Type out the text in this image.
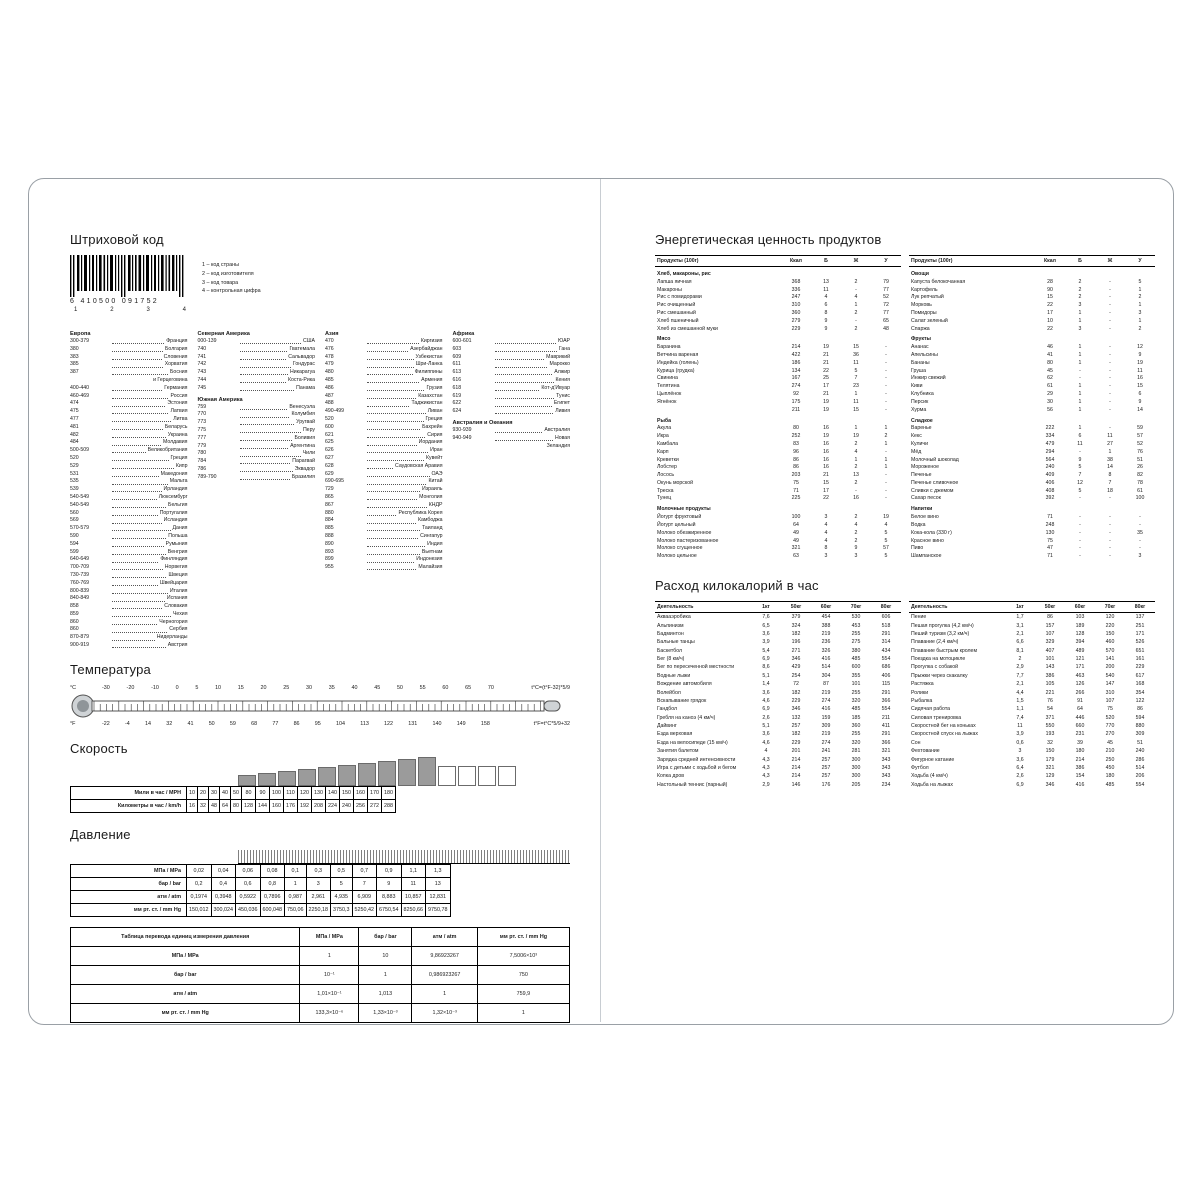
Штриховой код
6 410500 091752
1	2	3	4
1 – код страны
2 – код изготовителя
3 – код товара
4 – контрольная цифра
Европа
300-379	Франция
380	Болгария
383	Словения
385	Хорватия
387	Босния
и Герцеговина
400-440	Германия
460-469	Россия
474	Эстония
475	Латвия
477	Литва
481	Беларусь
482	Украина
484	Молдавия
500-509	Великобритания
520	Греция
529	Кипр
531	Македония
535	Мальта
539	Ирландия
540-549	Люксембург
540-549	Бельгия
560	Португалия
569	Исландия
570-579	Дания
590	Польша
594	Румыния
599	Венгрия
640-649	Финляндия
700-709	Норвегия
730-739	Швеция
760-769	Швейцария
800-839	Италия
840-849	Испания
858	Словакия
859	Чехия
860	Черногория
860	Сербия
870-879	Нидерланды
900-919	Австрия
Северная Америка
000-139	США
740	Гватемала
741	Сальвадор
742	Гондурас
743	Никарагуа
744	Коста-Рика
745	Панама
Южная Америка
759	Венесуэла
770	Колумбия
773	Уругвай
775	Перу
777	Боливия
779	Аргентина
780	Чили
784	Парагвай
786	Эквадор
789-790	Бразилия
Азия
470	Киргизия
476	Азербайджан
478	Узбекистан
479	Шри-Ланка
480	Филиппины
485	Армения
486	Грузия
487	Казахстан
488	Таджикистан
490-499	Ливан
520	Греция
600	Бахрейн
621	Сирия
625	Иордания
626	Иран
627	Кувейт
628	Саудовская Аравия
629	ОАЭ
690-695	Китай
729	Израиль
865	Монголия
867	КНДР
880	Республика Корея
884	Камбоджа
885	Таиланд
888	Сингапур
890	Индия
893	Вьетнам
899	Индонезия
955	Малайзия
Африка
600-601	ЮАР
603	Гана
609	Маврикий
611	Марокко
613	Алжир
616	Кения
618	Кот-д'Ивуар
619	Тунис
622	Египет
624	Ливия
Австралия и Океания
930-939	Австралия
940-949	Новая
Зеландия
Температура
°C	-30	-20	-10	0	5	10	15	20	25	30	35	40	45	50	55	60	65	70	t°C=(t°F-32)*5/9
°F	-22	-4	14	32	41	50	59	68	77	86	95	104	113	122	131	140	149	158	t°F=t°C*5/9+32
Скорость
Мили в час / MPH	10	20	30	40	50	80	90	100	110	120	130	140	150	160	170	180
Километры в час / km/h	16	32	48	64	80	128	144	160	176	192	208	224	240	256	272	288
Давление
МПа / MPa	0,02	0,04	0,06	0,08	0,1	0,3	0,5	0,7	0,9	1,1	1,3
бар / bar	0,2	0,4	0,6	0,8	1	3	5	7	9	11	13
атм / atm	0,1974	0,3948	0,5922	0,7896	0,987	2,961	4,935	6,909	8,883	10,857	12,831
мм рт. ст. / mm Hg	150,012	300,024	450,036	600,048	750,06	2250,18	3750,3	5250,42	6750,54	8250,66	9750,78
Таблица перевода единиц измерения давления	МПа / MPa	бар / bar	атм / atm	мм рт. ст. / mm Hg
МПа / MPa	1	10	9,86923267	7,5006×10³
бар / bar	10⁻¹	1	0,986923267	750
атм / atm	1,01×10⁻¹	1,013	1	759,9
мм рт. ст. / mm Hg	133,3×10⁻⁶	1,33×10⁻³	1,32×10⁻³	1
Энергетическая ценность продуктов
Продукты (100г)	Ккал	Б	Ж	У
Хлеб, макароны, рис				
Лапша яичная	368	13	2	79
Макароны	336	11	-	77
Рис с помидорами	247	4	4	52
Рис очищенный	310	6	1	72
Рис смешанный	360	8	2	77
Хлеб пшеничный	279	9	-	65
Хлеб из смешанной муки	229	9	2	48
Мясо				
Баранина	214	19	15	-
Ветчина вареная	422	21	36	-
Индейка (голень)	186	21	11	-
Курица (грудка)	134	22	5	-
Свинина	167	25	7	-
Телятина	274	17	23	-
Цыплёнок	92	21	1	-
Ягнёнок	175	19	11	-
	211	19	15	-
Рыба				
Акула	80	16	1	1
Икра	252	19	19	2
Камбала	83	16	2	1
Карп	96	16	4	-
Креветки	86	16	1	1
Лобстер	86	16	2	1
Лосось	203	21	13	-
Окунь морской	75	15	2	-
Треска	71	17	-	-
Тунец	225	22	16	-
Молочные продукты				
Йогурт фруктовый	100	3	2	19
Йогурт цельный	64	4	4	4
Молоко обезжиренное	49	4	2	5
Молоко пастеризованное	49	4	2	5
Молоко сгущенное	321	8	9	57
Молоко цельное	63	3	3	5
Продукты (100г)	Ккал	Б	Ж	У
Овощи				
Капуста белокочанная	28	2	-	5
Картофель	90	2	-	1
Лук репчатый	15	2	-	2
Морковь	22	3	-	1
Помидоры	17	1	-	3
Салат зеленый	10	1	-	1
Спаржа	22	3	-	2
Фрукты				
Ананас	46	1	-	12
Апельсины	41	1	-	9
Бананы	80	1	-	19
Груша	45	-	-	11
Инжир свежий	62	-	-	16
Киви	61	1	-	15
Клубника	29	1	-	6
Персик	30	1	-	9
Хурма	56	1	-	14
Сладкое				
Варенье	222	1	-	59
Кекс	334	6	11	57
Куличи	479	11	27	52
Мёд	294	-	1	76
Молочный шоколад	564	9	38	51
Мороженое	240	5	14	26
Печенье	409	7	8	82
Печенье сливочное	406	12	7	78
Сливки с джемом	408	5	18	61
Сахар песок	392	-	-	100
Напитки				
Белое вино	71	-	-	-
Водка	248	-	-	-
Кока-кола (330 г)	130	-	-	35
Красное вино	75	-	-	-
Пиво	47	-	-	-
Шампанское	71	-	-	3
Расход килокалорий в час
Деятельность	1кг	50кг	60кг	70кг	80кг
Аквааэробика	7,6	379	454	530	606
Альпинизм	6,5	324	388	453	518
Бадминтон	3,6	182	219	255	291
Бальные танцы	3,9	196	236	275	314
Баскетбол	5,4	271	326	380	434
Бег (8 км/ч)	6,9	346	416	485	554
Бег по пересеченной местности	8,6	429	514	600	686
Водные лыжи	5,1	254	304	355	406
Вождение автомобиля	1,4	72	87	101	115
Волейбол	3,6	182	219	255	291
Вскапывание грядок	4,6	229	274	320	366
Гандбол	6,9	346	416	485	554
Гребля на каноэ (4 км/ч)	2,6	132	159	185	211
Дайвинг	5,1	257	309	360	411
Езда верховая	3,6	182	219	255	291
Езда на велосипеде (15 км/ч)	4,6	229	274	320	366
Занятия балетом	4	201	241	281	321
Зарядка средней интенсивности	4,3	214	257	300	343
Игра с детьми с ходьбой и бегом	4,3	214	257	300	343
Копка дров	4,3	214	257	300	343
Настольный теннис (парный)	2,9	146	176	205	234
Деятельность	1кг	50кг	60кг	70кг	80кг
Пение	1,7	86	103	120	137
Пешая прогулка (4,2 км/ч)	3,1	157	189	220	251
Пеший туризм (3,2 км/ч)	2,1	107	128	150	171
Плавание (2,4 км/ч)	6,6	329	394	460	526
Плавание быстрым кролем	8,1	407	489	570	651
Поездка на мотоцикле	2	101	121	141	161
Прогулка с собакой	2,9	143	171	200	229
Прыжки через скакалку	7,7	386	463	540	617
Растяжка	2,1	105	126	147	168
Ролики	4,4	221	266	310	354
Рыбалка	1,5	76	91	107	122
Сидячая работа	1,1	54	64	75	86
Силовая тренировка	7,4	371	446	520	594
Скоростной бег на коньках	11	550	660	770	880
Скоростной спуск на лыжах	3,9	193	231	270	309
Сон	0,6	32	39	45	51
Фехтование	3	150	180	210	240
Фигурное катание	3,6	179	214	250	286
Футбол	6,4	321	386	450	514
Ходьба (4 км/ч)	2,6	129	154	180	206
Ходьба на лыжах	6,9	346	416	485	554
